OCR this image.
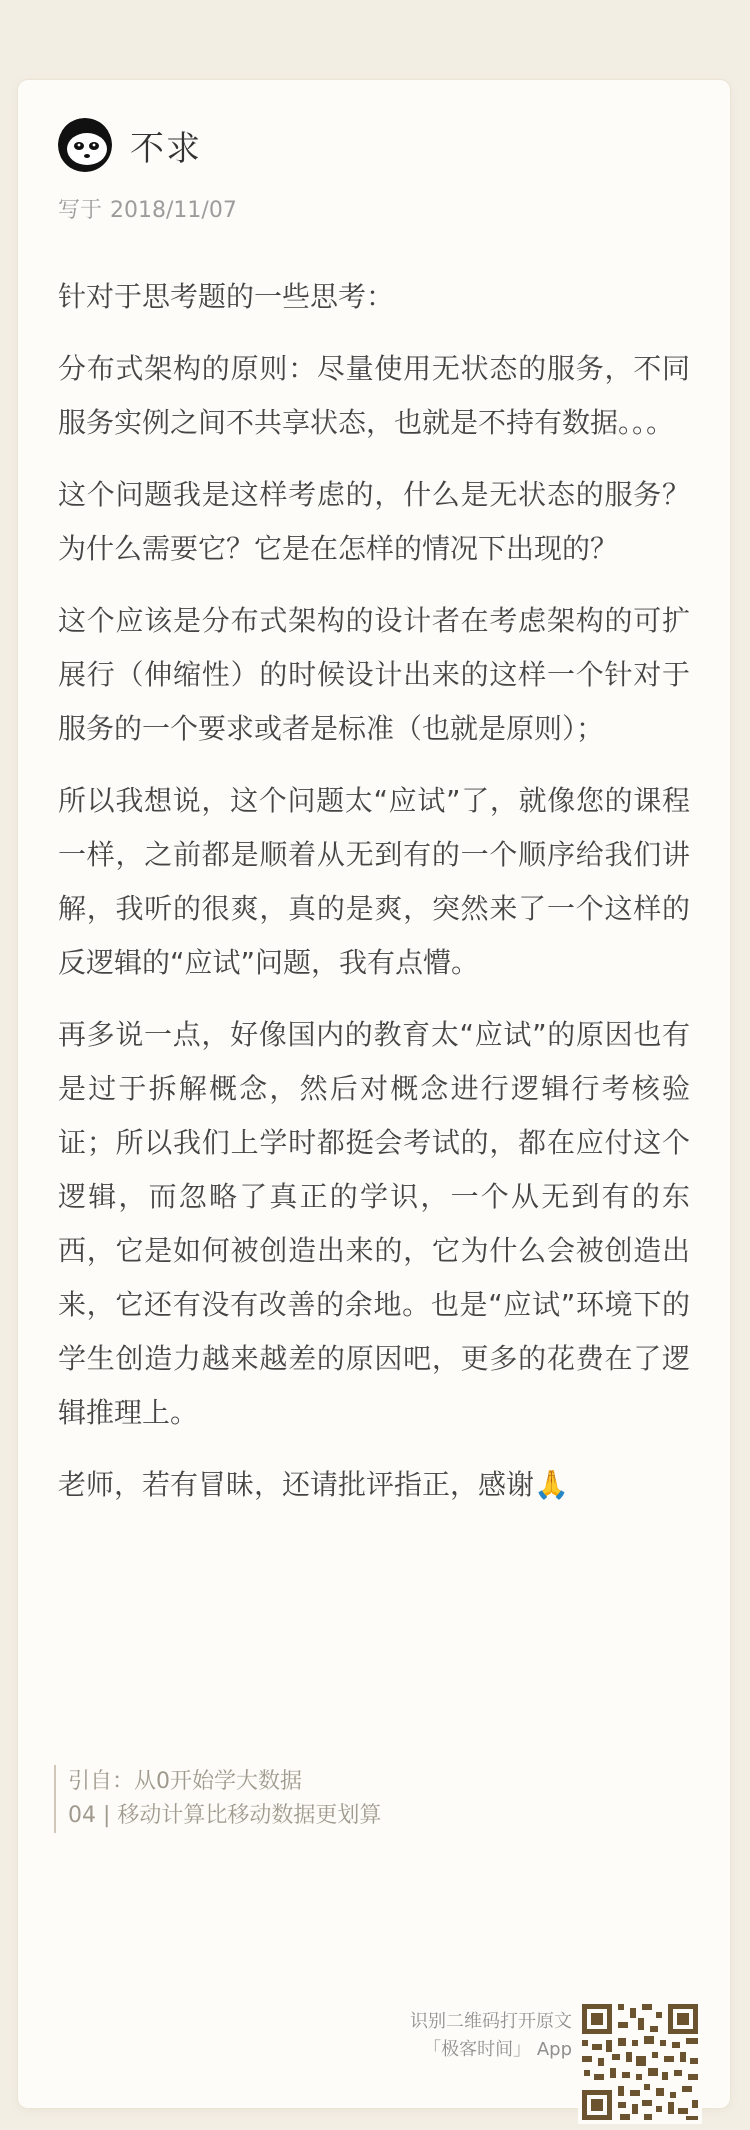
不求
写于 2018/11/07

针对于思考题的一些思考：

分布式架构的原则：尽量使用无状态的服务，不同服务实例之间不共享状态，也就是不持有数据。。。

这个问题我是这样考虑的，什么是无状态的服务？为什么需要它？它是在怎样的情况下出现的？

这个应该是分布式架构的设计者在考虑架构的可扩展行（伸缩性）的时候设计出来的这样一个针对于服务的一个要求或者是标准（也就是原则）；

所以我想说，这个问题太“应试”了，就像您的课程一样，之前都是顺着从无到有的一个顺序给我们讲解，我听的很爽，真的是爽，突然来了一个这样的反逻辑的“应试”问题，我有点懵。

再多说一点，好像国内的教育太“应试”的原因也有是过于拆解概念，然后对概念进行逻辑行考核验证；所以我们上学时都挺会考试的，都在应付这个逻辑，而忽略了真正的学识，一个从无到有的东西，它是如何被创造出来的，它为什么会被创造出来，它还有没有改善的余地。也是“应试”环境下的学生创造力越来越差的原因吧，更多的花费在了逻辑推理上。

老师，若有冒昧，还请批评指正，感谢🙏

引自：从0开始学大数据
04 | 移动计算比移动数据更划算
识别二维码打开原文
「极客时间」 App
